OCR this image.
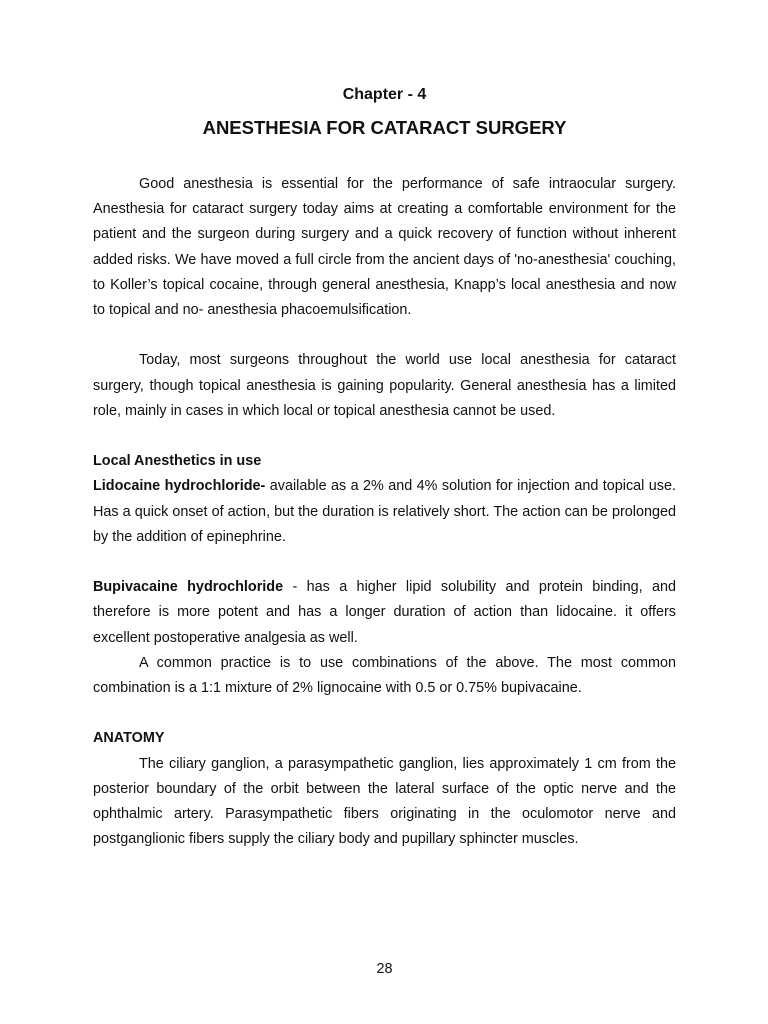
Chapter - 4
ANESTHESIA FOR CATARACT SURGERY

Good anesthesia is essential for the performance of safe intraocular surgery. Anesthesia for cataract surgery today aims at creating a comfortable environment for the patient and the surgeon during surgery and a quick recovery of function without inherent added risks. We have moved a full circle from the ancient days of 'no-anesthesia' couching, to Koller’s topical cocaine, through general anesthesia, Knapp’s local anesthesia and now to topical and no- anesthesia phacoemulsification.

Today, most surgeons throughout the world use local anesthesia for cataract surgery, though topical anesthesia is gaining popularity. General anesthesia has a limited role, mainly in cases in which local or topical anesthesia cannot be used.

Local Anesthetics in use

Lidocaine hydrochloride- available as a 2% and 4% solution for injection and topical use. Has a quick onset of action, but the duration is relatively short. The action can be prolonged by the addition of epinephrine.

Bupivacaine hydrochloride - has a higher lipid solubility and protein binding, and therefore is more potent and has a longer duration of action than lidocaine. it offers excellent postoperative analgesia as well.

A common practice is to use combinations of the above. The most common combination is a 1:1 mixture of 2% lignocaine with 0.5 or 0.75% bupivacaine.

ANATOMY

The ciliary ganglion, a parasympathetic ganglion, lies approximately 1 cm from the posterior boundary of the orbit between the lateral surface of the optic nerve and the ophthalmic artery. Parasympathetic fibers originating in the oculomotor nerve and postganglionic fibers supply the ciliary body and pupillary sphincter muscles.

28
